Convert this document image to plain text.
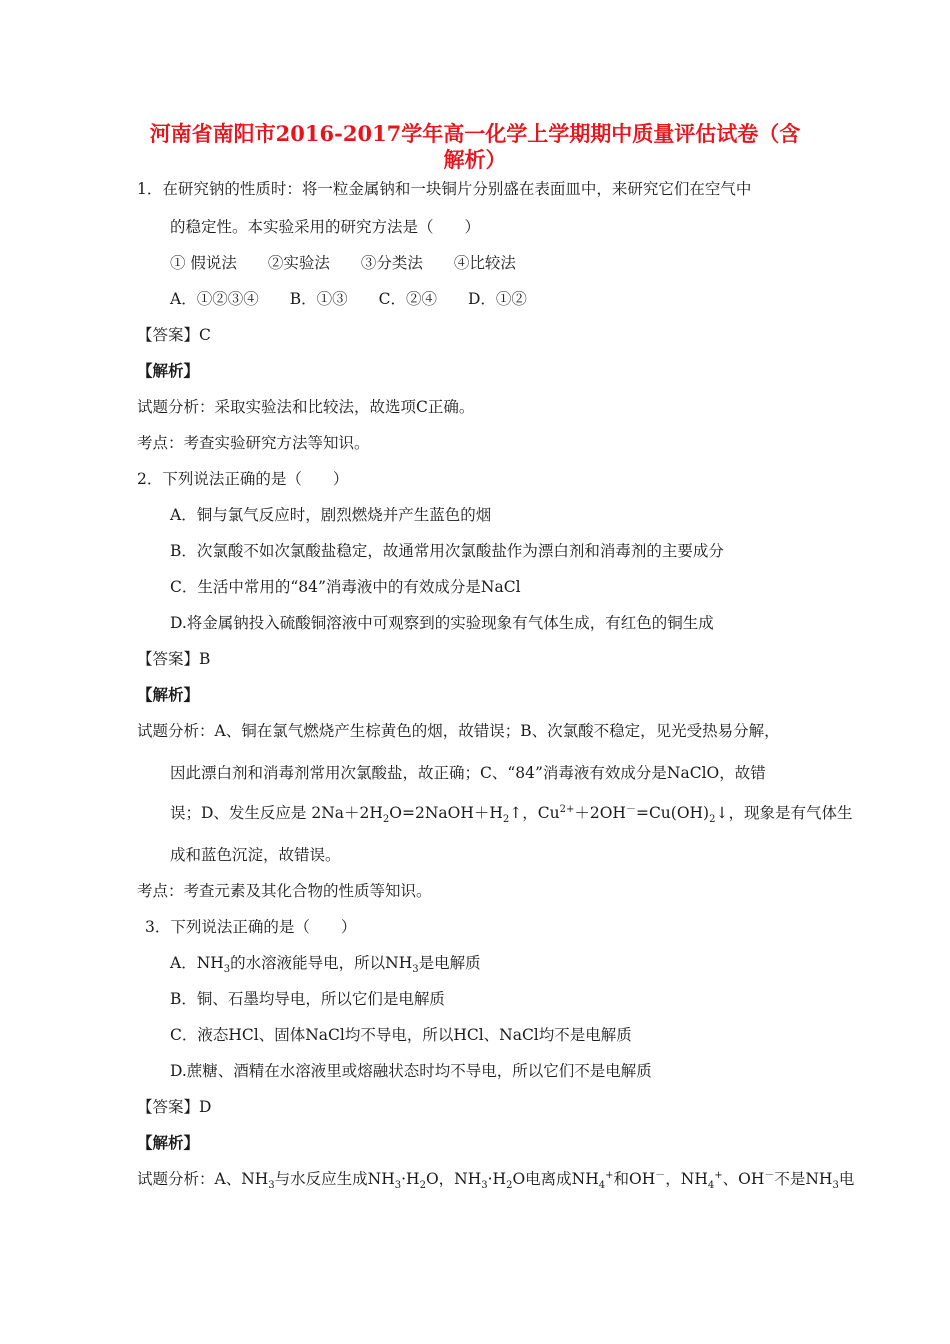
河南省南阳市2016-2017学年高一化学上学期期中质量评估试卷（含
解析）
1．在研究钠的性质时：将一粒金属钠和一块铜片分别盛在表面皿中，来研究它们在空气中
的稳定性。本实验采用的研究方法是（　　）
① 假说法　　②实验法　　③分类法　　④比较法
A．①②③④　　B．①③　　C．②④　　D．①②
【答案】C
【解析】
试题分析：采取实验法和比较法，故选项C正确。
考点：考查实验研究方法等知识。
2．下列说法正确的是（　　）
A．铜与氯气反应时，剧烈燃烧并产生蓝色的烟
B．次氯酸不如次氯酸盐稳定，故通常用次氯酸盐作为漂白剂和消毒剂的主要成分
C．生活中常用的“84”消毒液中的有效成分是NaCl
D.将金属钠投入硫酸铜溶液中可观察到的实验现象有气体生成，有红色的铜生成
【答案】B
【解析】
试题分析：A、铜在氯气燃烧产生棕黄色的烟，故错误；B、次氯酸不稳定，见光受热易分解，
因此漂白剂和消毒剂常用次氯酸盐，故正确；C、“84”消毒液有效成分是NaClO，故错
误；D、发生反应是 $2Na+2H_2O=2NaOH+H_2↑$，$Cu^{2+}+2OH^-=Cu(OH)_2↓$，现象是有气体生
成和蓝色沉淀，故错误。
考点：考查元素及其化合物的性质等知识。
3．下列说法正确的是（　　）
A．$NH_3$的水溶液能导电，所以$NH_3$是电解质
B．铜、石墨均导电，所以它们是电解质
C．液态HCl、固体NaCl均不导电，所以HCl、NaCl均不是电解质
D.蔗糖、酒精在水溶液里或熔融状态时均不导电，所以它们不是电解质
【答案】D
【解析】
试题分析：A、$NH_3$与水反应生成$NH_3\cdot H_2O$，$NH_3\cdot H_2O$电离成$NH_4^+$和OH－，$NH_4^+$、OH－不是$NH_3$电
